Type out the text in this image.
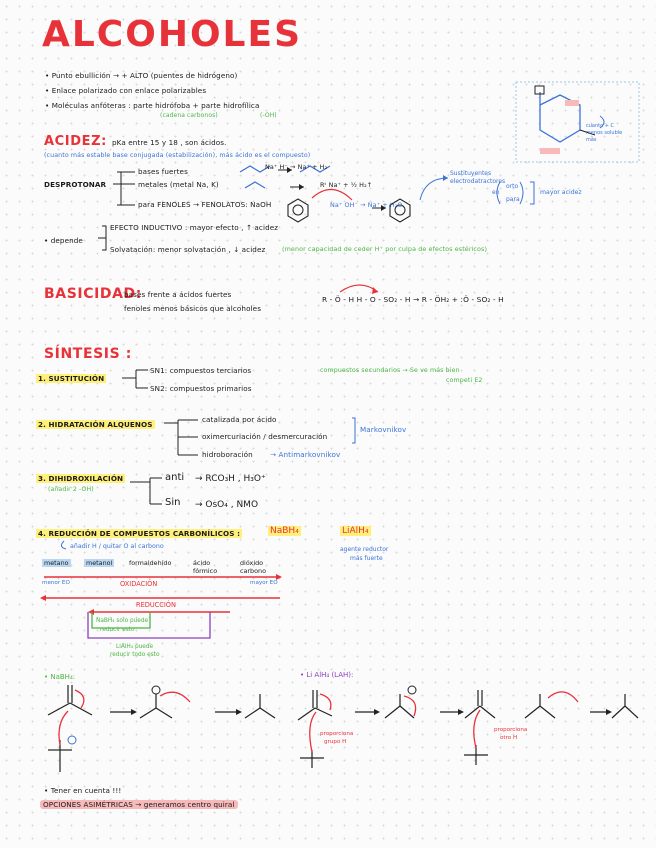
ALCOHOLES
• Punto ebullición → + ALTO (puentes de hidrógeno)
• Enlace polarizado con enlace polarizables
• Moléculas anfóteras : parte hidrófoba + parte hidrofílica
(cadena carbonos)	(-OH)
cuanto + C
menos soluble
más
ACIDEZ: pKa entre 15 y 18 , son ácidos.
(cuanto más estable base conjugada (estabilización), más ácido es el compuesto)
DESPROTONAR
bases fuertes
metales (metal Na, K)
para FENOLES → FENOLATOS: NaOH
Na⁺ H⁻ → Na⁺ + H₂
Rᵗ Na⁺ + ½ H₂↑
Na⁺ OH⁻ → Na⁺ + H₂O
Sustituyentes electrodatractores
en
orto
para
mayor acidez
• depende
EFECTO INDUCTIVO : mayor efecto , ↑ acidez
Solvatación: menor solvatación , ↓ acidez	(menor capacidad de ceder H⁺ por culpa de efectos estéricos)
BASICIDAD:
bases frente a ácidos fuertes
fenoles menos básicos que alcoholes
R - Ö - H H - O - SO₂ - H → R - ÖH₂ + :Ö - SO₂ - H
SÍNTESIS :
1. SUSTITUCIÓN
SN1: compuestos terciarios
SN2: compuestos primarios
compuestos secundarios → Se ve más bien
competi E2
2. HIDRATACIÓN ALQUENOS
catalizada por ácido
oximercuriación / desmercuración
hidroboración
Markovnikov
→ Antimarkovnikov
3. DIHIDROXILACIÓN
(añadir 2 -OH)
anti → RCO₃H , H₃O⁺
Sin → OsO₄ , NMO
4. REDUCCIÓN DE COMPUESTOS CARBONÍLICOS :	NaBH₄	LiAlH₄
agente reductor
más fuerte
añadir H / quitar O al carbono
metano	metanol	formaldehído	ácido fórmico
dióxido carbono
menor EO	mayor EO
OXIDACIÓN
REDUCCIÓN
NaBH₄ solo puede
reducir esto
LiAlH₄ puede
reducir todo esto
• NaBH₄:	• Li AlH₄ (LAH):
proporciona
grupo H
proporciona
otro H
• Tener en cuenta !!!
OPCIONES ASIMÉTRICAS → generamos centro quiral
